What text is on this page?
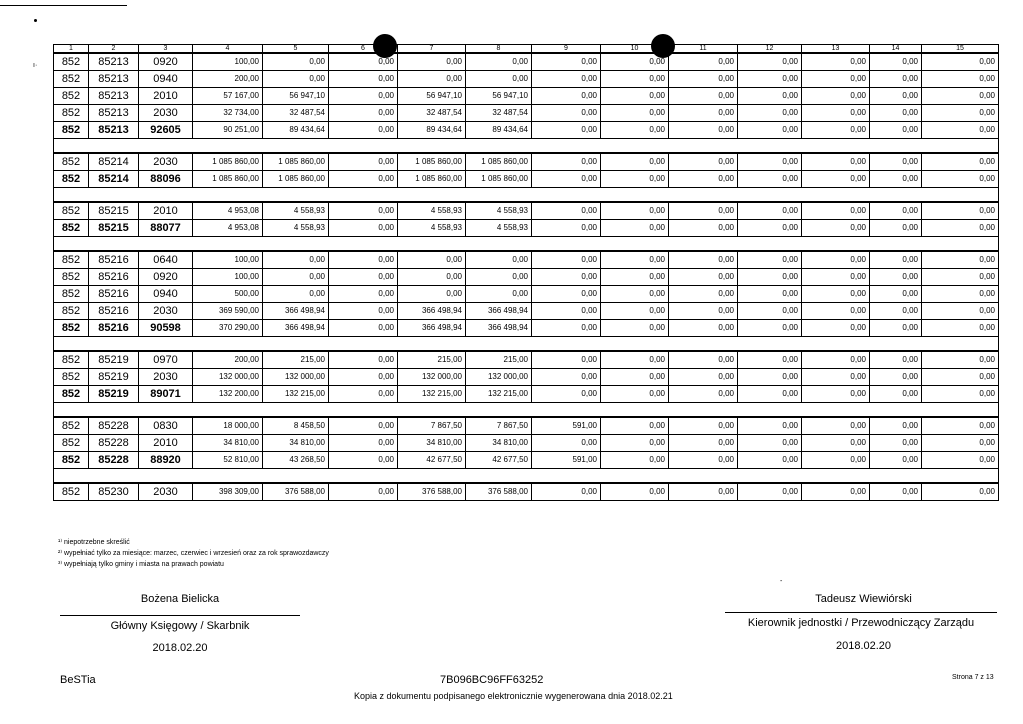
ı·
1	2	3	4	5	6	7	8	9	10	11	12	13	14	15
852	85213	0920	100,00	0,00	0,00	0,00	0,00	0,00	0,00	0,00	0,00	0,00	0,00	0,00
852	85213	0940	200,00	0,00	0,00	0,00	0,00	0,00	0,00	0,00	0,00	0,00	0,00	0,00
852	85213	2010	57 167,00	56 947,10	0,00	56 947,10	56 947,10	0,00	0,00	0,00	0,00	0,00	0,00	0,00
852	85213	2030	32 734,00	32 487,54	0,00	32 487,54	32 487,54	0,00	0,00	0,00	0,00	0,00	0,00	0,00
852	85213	92605	90 251,00	89 434,64	0,00	89 434,64	89 434,64	0,00	0,00	0,00	0,00	0,00	0,00	0,00

852	85214	2030	1 085 860,00	1 085 860,00	0,00	1 085 860,00	1 085 860,00	0,00	0,00	0,00	0,00	0,00	0,00	0,00
852	85214	88096	1 085 860,00	1 085 860,00	0,00	1 085 860,00	1 085 860,00	0,00	0,00	0,00	0,00	0,00	0,00	0,00

852	85215	2010	4 953,08	4 558,93	0,00	4 558,93	4 558,93	0,00	0,00	0,00	0,00	0,00	0,00	0,00
852	85215	88077	4 953,08	4 558,93	0,00	4 558,93	4 558,93	0,00	0,00	0,00	0,00	0,00	0,00	0,00

852	85216	0640	100,00	0,00	0,00	0,00	0,00	0,00	0,00	0,00	0,00	0,00	0,00	0,00
852	85216	0920	100,00	0,00	0,00	0,00	0,00	0,00	0,00	0,00	0,00	0,00	0,00	0,00
852	85216	0940	500,00	0,00	0,00	0,00	0,00	0,00	0,00	0,00	0,00	0,00	0,00	0,00
852	85216	2030	369 590,00	366 498,94	0,00	366 498,94	366 498,94	0,00	0,00	0,00	0,00	0,00	0,00	0,00
852	85216	90598	370 290,00	366 498,94	0,00	366 498,94	366 498,94	0,00	0,00	0,00	0,00	0,00	0,00	0,00

852	85219	0970	200,00	215,00	0,00	215,00	215,00	0,00	0,00	0,00	0,00	0,00	0,00	0,00
852	85219	2030	132 000,00	132 000,00	0,00	132 000,00	132 000,00	0,00	0,00	0,00	0,00	0,00	0,00	0,00
852	85219	89071	132 200,00	132 215,00	0,00	132 215,00	132 215,00	0,00	0,00	0,00	0,00	0,00	0,00	0,00

852	85228	0830	18 000,00	8 458,50	0,00	7 867,50	7 867,50	591,00	0,00	0,00	0,00	0,00	0,00	0,00
852	85228	2010	34 810,00	34 810,00	0,00	34 810,00	34 810,00	0,00	0,00	0,00	0,00	0,00	0,00	0,00
852	85228	88920	52 810,00	43 268,50	0,00	42 677,50	42 677,50	591,00	0,00	0,00	0,00	0,00	0,00	0,00

852	85230	2030	398 309,00	376 588,00	0,00	376 588,00	376 588,00	0,00	0,00	0,00	0,00	0,00	0,00	0,00
¹⁾ niepotrzebne skreślić
²⁾ wypełniać tylko za miesiące: marzec, czerwiec i wrzesień oraz za rok sprawozdawczy
³⁾ wypełniają tylko gminy i miasta na prawach powiatu
Bożena Bielicka
Główny Księgowy / Skarbnik
2018.02.20
-
Tadeusz Wiewiórski
Kierownik jednostki / Przewodniczący Zarządu
2018.02.20
BeSTia	7B096BC96FF63252	Strona 7 z 13
Kopia z dokumentu podpisanego elektronicznie wygenerowana dnia 2018.02.21
